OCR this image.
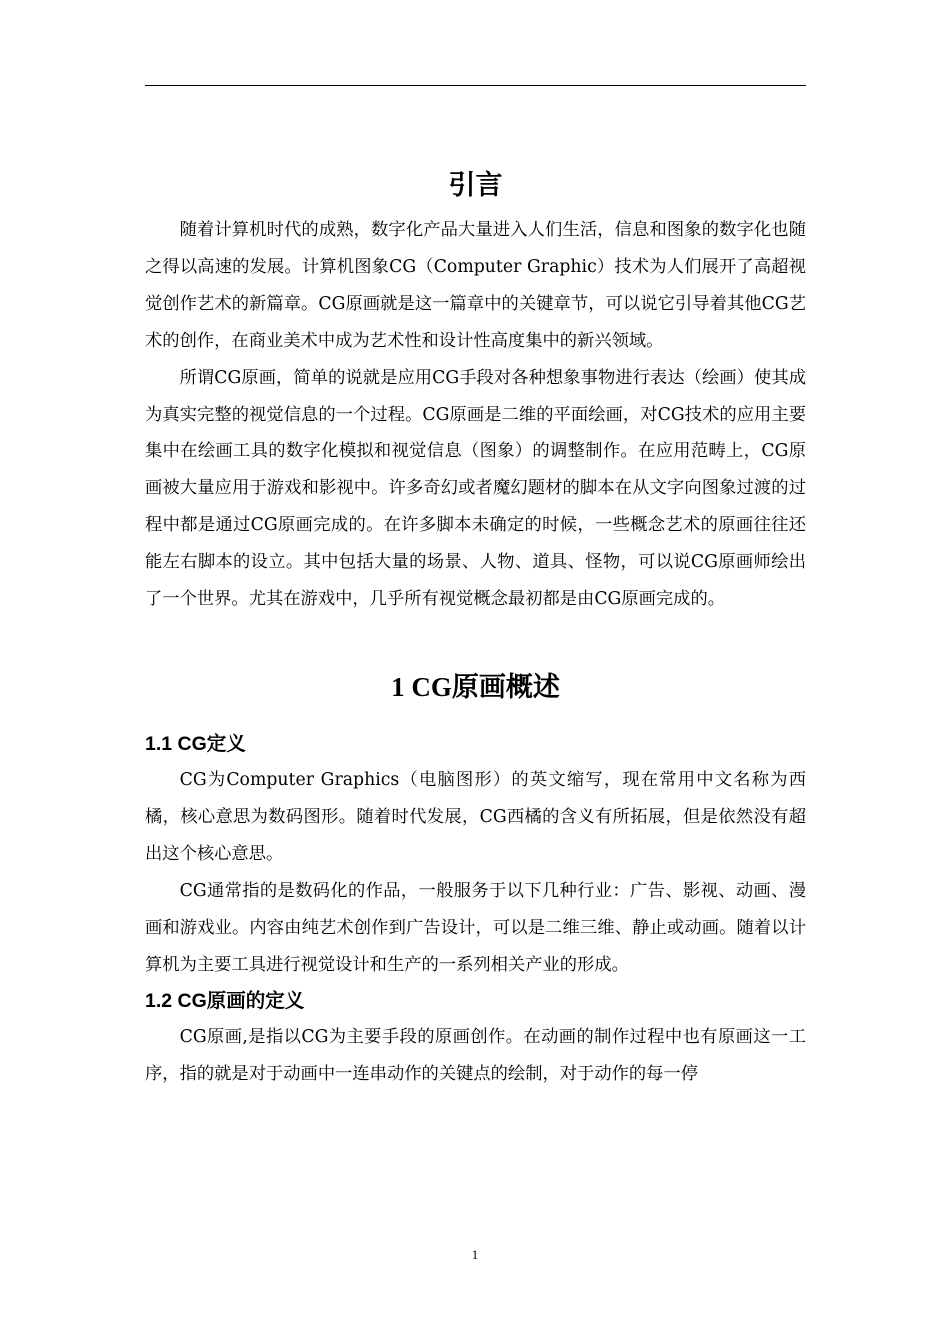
引言

随着计算机时代的成熟，数字化产品大量进入人们生活，信息和图象的数字化也随之得以高速的发展。计算机图象CG（Computer Graphic）技术为人们展开了高超视觉创作艺术的新篇章。CG原画就是这一篇章中的关键章节，可以说它引导着其他CG艺术的创作，在商业美术中成为艺术性和设计性高度集中的新兴领域。

所谓CG原画，简单的说就是应用CG手段对各种想象事物进行表达（绘画）使其成为真实完整的视觉信息的一个过程。CG原画是二维的平面绘画，对CG技术的应用主要集中在绘画工具的数字化模拟和视觉信息（图象）的调整制作。在应用范畴上，CG原画被大量应用于游戏和影视中。许多奇幻或者魔幻题材的脚本在从文字向图象过渡的过程中都是通过CG原画完成的。在许多脚本未确定的时候，一些概念艺术的原画往往还能左右脚本的设立。其中包括大量的场景、人物、道具、怪物，可以说CG原画师绘出了一个世界。尤其在游戏中，几乎所有视觉概念最初都是由CG原画完成的。

1 CG原画概述
1.1 CG定义

CG为Computer Graphics（电脑图形）的英文缩写，现在常用中文名称为西橘，核心意思为数码图形。随着时代发展，CG西橘的含义有所拓展，但是依然没有超出这个核心意思。

CG通常指的是数码化的作品，一般服务于以下几种行业：广告、影视、动画、漫画和游戏业。内容由纯艺术创作到广告设计，可以是二维三维、静止或动画。随着以计算机为主要工具进行视觉设计和生产的一系列相关产业的形成。

1.2 CG原画的定义

CG原画,是指以CG为主要手段的原画创作。在动画的制作过程中也有原画这一工序，指的就是对于动画中一连串动作的关键点的绘制，对于动作的每一停

1
